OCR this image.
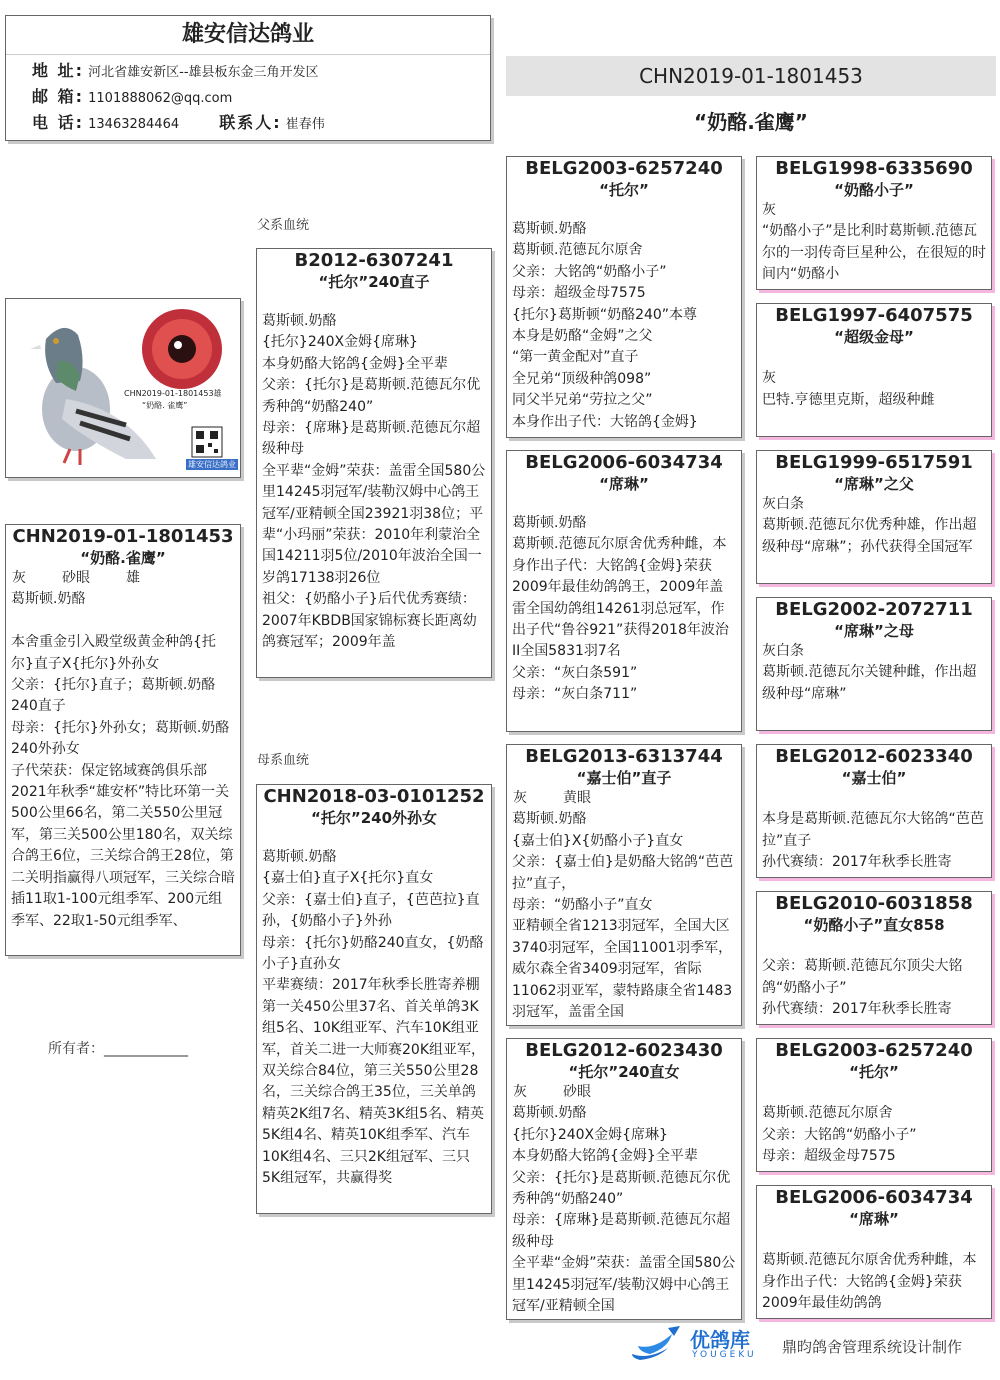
雄安信达鸽业
地 址: 河北省雄安新区--雄县板东金三角开发区
邮 箱: 1101888062@qq.com
电 话: 13463284464	联系人: 崔春伟
CHN2019-01-1801453
“奶酪.雀鹰”
CHN2019-01-1801453雄
“奶酪. 雀鹰”
雄安信达鸽业
CHN2019-01-1801453
“奶酪.雀鹰”
灰	砂眼	雄
葛斯顿.奶酪

本舍重金引入殿堂级黄金种鸽{托尔}直子X{托尔}外孙女
父亲：{托尔}直子；葛斯顿.奶酪240直子
母亲：{托尔}外孙女；葛斯顿.奶酪240外孙女
子代荣获：保定铭域赛鸽俱乐部2021年秋季“雄安杯”特比环第一关500公里66名，第二关550公里冠军，第三关500公里180名，双关综合鸽王6位，三关综合鸽王28位，第二关明指赢得八项冠军，三关综合暗插11取1-100元组季军、200元组季军、22取1-50元组季军、
父系血统
母系血统
所有者：____________
B2012-6307241
“托尔”240直子
葛斯顿.奶酪
{托尔}240X金姆{席琳}
本身奶酪大铭鸽{金姆}全平辈
父亲：{托尔}是葛斯顿.范德瓦尔优秀种鸽“奶酪240”
母亲：{席琳}是葛斯顿.范德瓦尔超级种母
全平辈“金姆”荣获：盖雷全国580公里14245羽冠军/装勒汉姆中心鸽王冠军/亚精顿全国23921羽38位；平辈“小玛丽”荣获：2010年利蒙治全国14211羽5位/2010年波治全国一岁鸽17138羽26位
祖父：{奶酪小子}后代优秀赛绩：2007年KBDB国家锦标赛长距离幼鸽赛冠军；2009年盖
CHN2018-03-0101252
“托尔”240外孙女
葛斯顿.奶酪
{嘉士伯}直子X{托尔}直女
父亲：{嘉士伯}直子，{芭芭拉}直孙，{奶酪小子}外孙
母亲：{托尔}奶酪240直女，{奶酪小子}直孙女
平辈赛绩：2017年秋季长胜寄养棚第一关450公里37名、首关单鸽3K组5名、10K组亚军、汽车10K组亚军，首关二进一大师赛20K组亚军，双关综合84位，第三关550公里28名，三关综合鸽王35位，三关单鸽精英2K组7名、精英3K组5名、精英5K组4名、精英10K组季军、汽车10K组4名、三只2K组冠军、三只5K组冠军，共赢得奖
BELG2003-6257240
“托尔”
葛斯顿.奶酪
葛斯顿.范德瓦尔原舍
父亲：大铭鸽“奶酪小子”
母亲：超级金母7575
{托尔}葛斯顿“奶酪240”本尊
本身是奶酪“金姆”之父
“第一黄金配对”直子
全兄弟“顶级种鸽098”
同父半兄弟“劳拉之父”
本身作出子代：大铭鸽{金姆}
BELG2006-6034734
“席琳”
葛斯顿.奶酪
葛斯顿.范德瓦尔原舍优秀种雌，本身作出子代：大铭鸽{金姆}荣获2009年最佳幼鸽鸽王，2009年盖雷全国幼鸽组14261羽总冠军，作出子代“鲁谷921”获得2018年波治II全国5831羽7名
父亲：“灰白条591”
母亲：“灰白条711”
BELG2013-6313744
“嘉士伯”直子
灰	黄眼
葛斯顿.奶酪
{嘉士伯}X{奶酪小子}直女
父亲：{嘉士伯}是奶酪大铭鸽“芭芭拉”直子，
母亲：“奶酪小子”直女
亚精顿全省1213羽冠军，全国大区3740羽冠军，全国11001羽季军，威尔森全省3409羽冠军，省际11062羽亚军，蒙特路康全省1483羽冠军，盖雷全国
BELG2012-6023430
“托尔”240直女
灰	砂眼
葛斯顿.奶酪
{托尔}240X金姆{席琳}
本身奶酪大铭鸽{金姆}全平辈
父亲：{托尔}是葛斯顿.范德瓦尔优秀种鸽“奶酪240”
母亲：{席琳}是葛斯顿.范德瓦尔超级种母
全平辈“金姆”荣获：盖雷全国580公里14245羽冠军/装勒汉姆中心鸽王冠军/亚精顿全国
BELG1998-6335690
“奶酪小子”
灰
“奶酪小子”是比利时葛斯顿.范德瓦尔的一羽传奇巨星种公，在很短的时间内“奶酪小
BELG1997-6407575
“超级金母”

灰
巴特.亨德里克斯，超级种雌
BELG1999-6517591
“席琳”之父
灰白条
葛斯顿.范德瓦尔优秀种雄，作出超级种母“席琳”；孙代获得全国冠军
BELG2002-2072711
“席琳”之母
灰白条
葛斯顿.范德瓦尔关键种雌，作出超级种母“席琳”
BELG2012-6023340
“嘉士伯”

本身是葛斯顿.范德瓦尔大铭鸽“芭芭拉”直子
孙代赛绩：2017年秋季长胜寄
BELG2010-6031858
“奶酪小子”直女858

父亲：葛斯顿.范德瓦尔顶尖大铭鸽“奶酪小子”
孙代赛绩：2017年秋季长胜寄
BELG2003-6257240
“托尔”

葛斯顿.范德瓦尔原舍
父亲：大铭鸽“奶酪小子”
母亲：超级金母7575
BELG2006-6034734
“席琳”

葛斯顿.范德瓦尔原舍优秀种雌，本身作出子代：大铭鸽{金姆}荣获2009年最佳幼鸽鸽
优鸽库
YOUGEKU 鼎昀鸽舍管理系统设计制作
